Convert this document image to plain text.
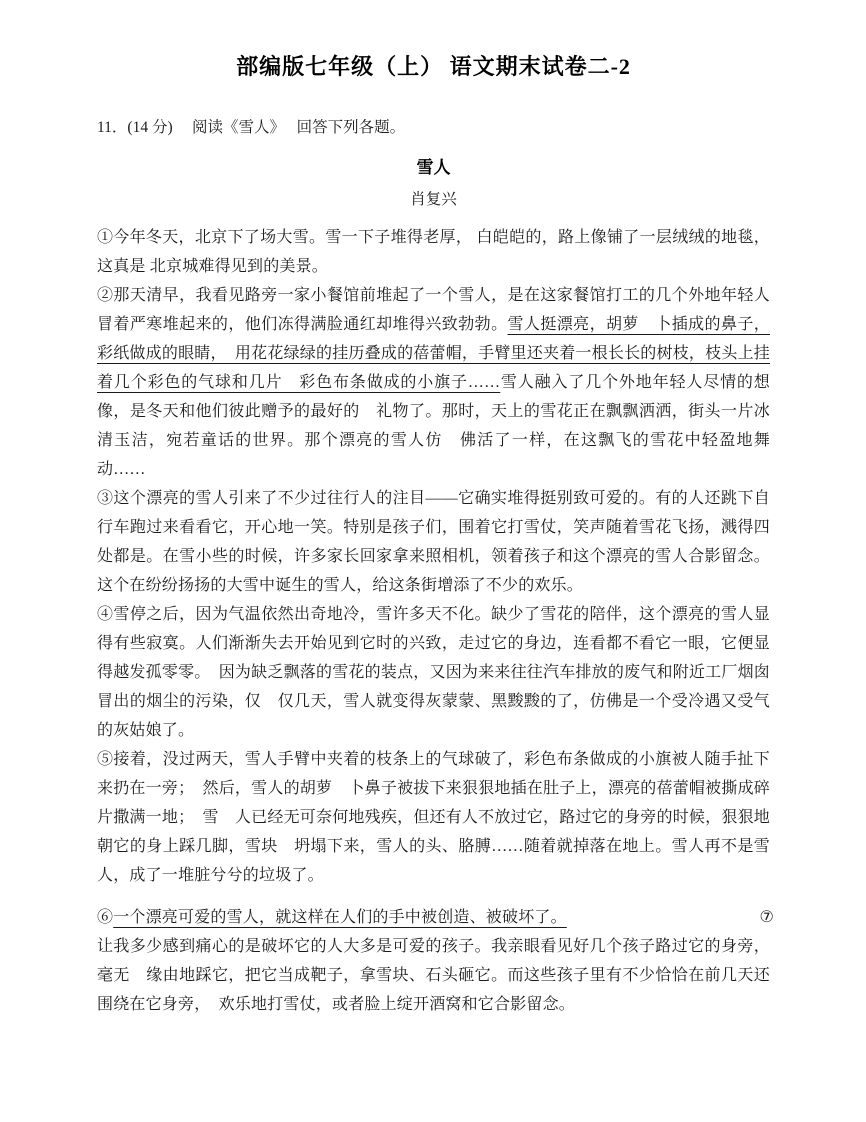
部编版七年级（上） 语文期末试卷二-2

11．(14 分)　 阅读《雪人》　 回答下列各题。

雪人

肖复兴

①今年冬天，北京下了场大雪。雪一下子堆得老厚， 白皑皑的，路上像铺了一层绒绒的地毯，这真是 北京城难得见到的美景。

②那天清早，我看见路旁一家小餐馆前堆起了一个雪人，是在这家餐馆打工的几个外地年轻人冒着严寒堆起来的，他们冻得满脸通红却堆得兴致勃勃。雪人挺漂亮，胡萝　卜插成的鼻子，彩纸做成的眼睛，　用花花绿绿的挂历叠成的蓓蕾帽，手臂里还夹着一根长长的树枝，枝头上挂着几个彩色的气球和几片　彩色布条做成的小旗子……雪人融入了几个外地年轻人尽情的想像，是冬天和他们彼此赠予的最好的　礼物了。那时，天上的雪花正在飘飘洒洒，街头一片冰清玉洁，宛若童话的世界。那个漂亮的雪人仿　佛活了一样，在这飘飞的雪花中轻盈地舞动……

③这个漂亮的雪人引来了不少过往行人的注目——它确实堆得挺别致可爱的。有的人还跳下自行车跑过来看看它，开心地一笑。特别是孩子们，围着它打雪仗，笑声随着雪花飞扬，溅得四处都是。在雪小些的时候，许多家长回家拿来照相机，领着孩子和这个漂亮的雪人合影留念。这个在纷纷扬扬的大雪中诞生的雪人，给这条街增添了不少的欢乐。

④雪停之后，因为气温依然出奇地冷，雪许多天不化。缺少了雪花的陪伴，这个漂亮的雪人显得有些寂寞。人们渐渐失去开始见到它时的兴致，走过它的身边，连看都不看它一眼，它便显得越发孤零零。　因为缺乏飘落的雪花的装点，又因为来来往往汽车排放的废气和附近工厂烟囱冒出的烟尘的污染，仅　仅几天，雪人就变得灰蒙蒙、黑黢黢的了，仿佛是一个受冷遇又受气的灰姑娘了。

⑤接着，没过两天，雪人手臂中夹着的枝条上的气球破了，彩色布条做成的小旗被人随手扯下来扔在一旁；　然后，雪人的胡萝　卜鼻子被拔下来狠狠地插在肚子上，漂亮的蓓蕾帽被撕成碎片撒满一地；　雪　人已经无可奈何地残疾，但还有人不放过它，路过它的身旁的时候，狠狠地朝它的身上踩几脚，雪块　坍塌下来，雪人的头、胳膊……随着就掉落在地上。雪人再不是雪人，成了一堆脏兮兮的垃圾了。

⑥一个漂亮可爱的雪人，就这样在人们的手中被创造、被破坏了。	⑦

让我多少感到痛心的是破坏它的人大多是可爱的孩子。我亲眼看见好几个孩子路过它的身旁，毫无　缘由地踩它，把它当成靶子，拿雪块、石头砸它。而这些孩子里有不少恰恰在前几天还围绕在它身旁，　欢乐地打雪仗，或者脸上绽开酒窝和它合影留念。
